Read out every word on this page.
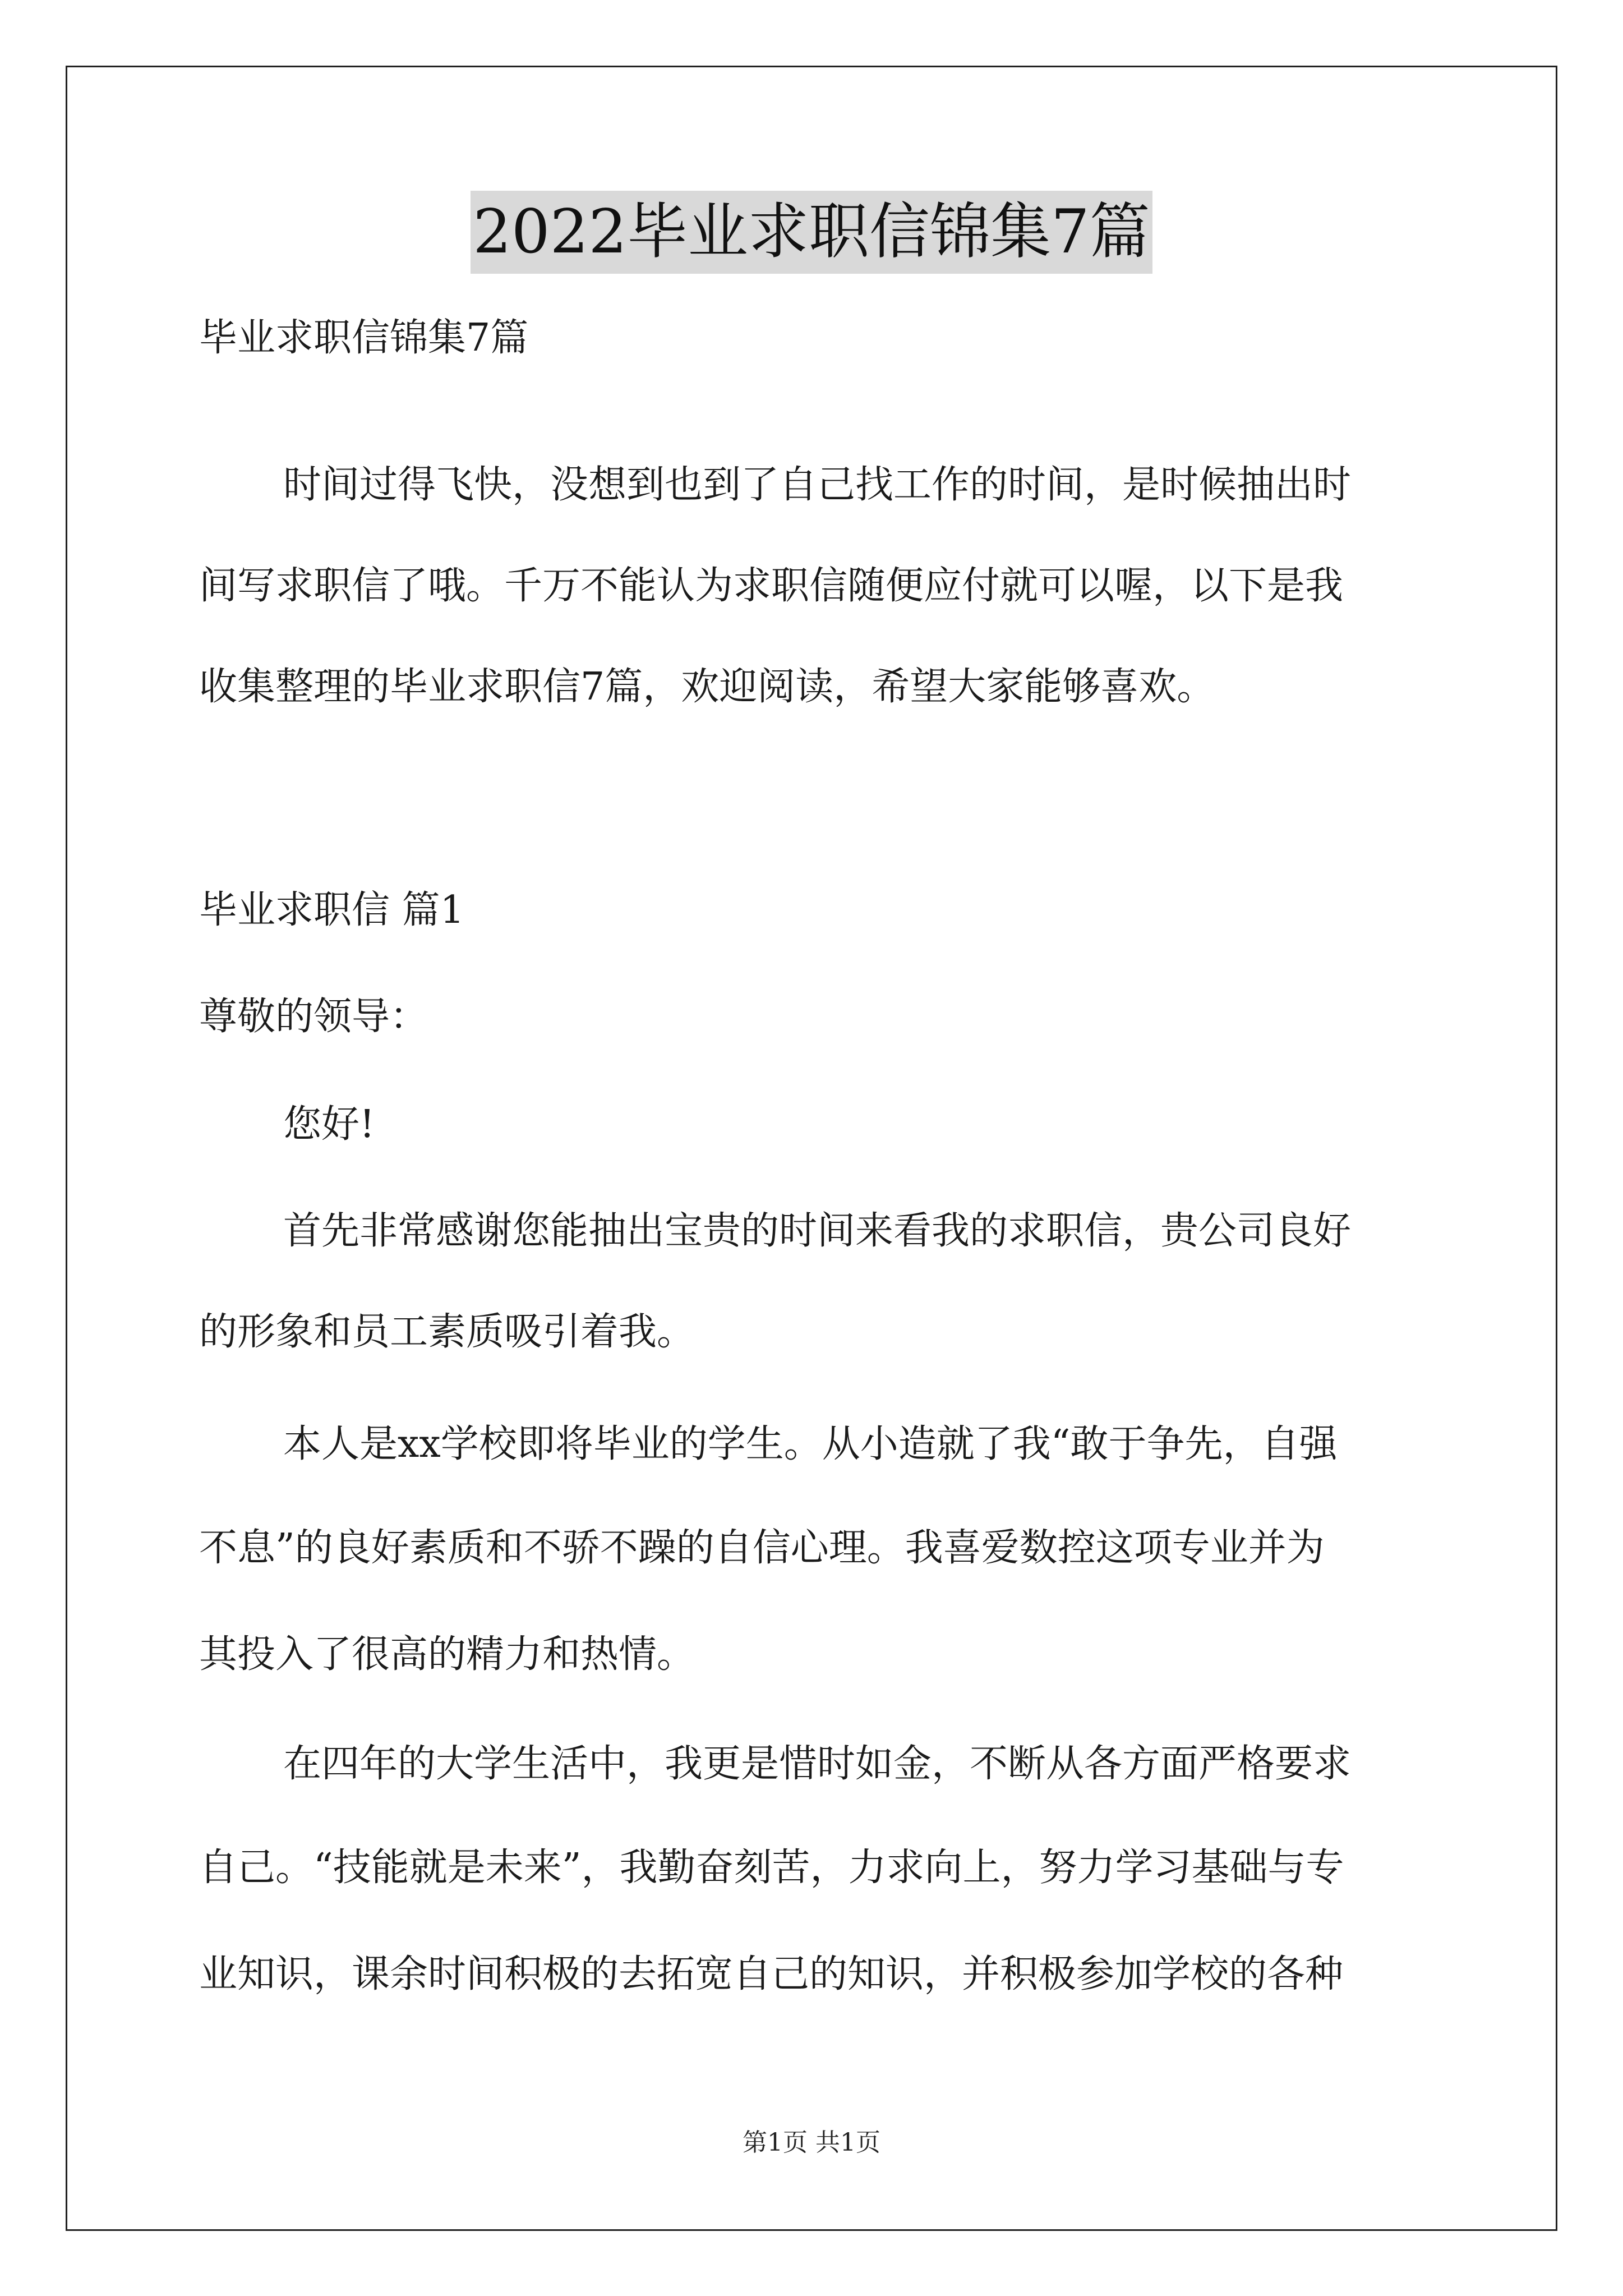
2022毕业求职信锦集7篇
毕业求职信锦集7篇
时间过得飞快，没想到也到了自己找工作的时间，是时候抽出时
间写求职信了哦。千万不能认为求职信随便应付就可以喔，以下是我
收集整理的毕业求职信7篇，欢迎阅读，希望大家能够喜欢。
毕业求职信 篇1
尊敬的领导：
您好!
首先非常感谢您能抽出宝贵的时间来看我的求职信，贵公司良好
的形象和员工素质吸引着我。
本人是xx学校即将毕业的学生。从小造就了我“敢于争先，自强
不息”的良好素质和不骄不躁的自信心理。我喜爱数控这项专业并为
其投入了很高的精力和热情。
在四年的大学生活中，我更是惜时如金，不断从各方面严格要求
自己。“技能就是未来”，我勤奋刻苦，力求向上，努力学习基础与专
业知识，课余时间积极的去拓宽自己的知识，并积极参加学校的各种
第1页 共1页
